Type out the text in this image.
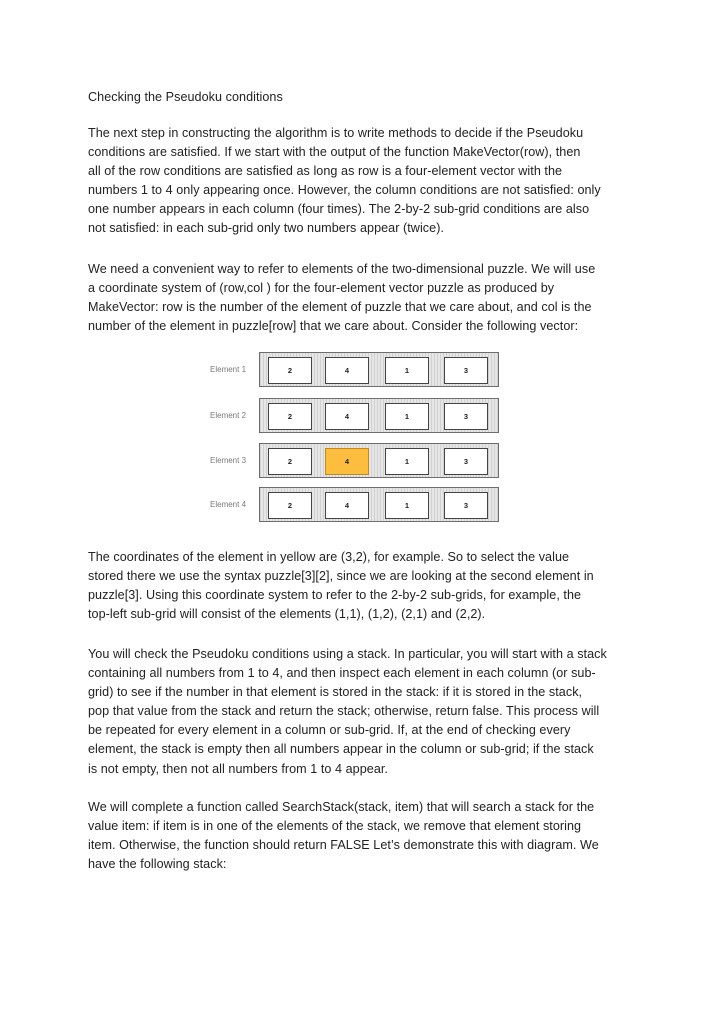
Checking the Pseudoku conditions

The next step in constructing the algorithm is to write methods to decide if the Pseudoku
conditions are satisfied. If we start with the output of the function MakeVector(row), then
all of the row conditions are satisfied as long as row is a four-element vector with the
numbers 1 to 4 only appearing once. However, the column conditions are not satisfied: only
one number appears in each column (four times). The 2-by-2 sub-grid conditions are also
not satisfied: in each sub-grid only two numbers appear (twice).

We need a convenient way to refer to elements of the two-dimensional puzzle. We will use
a coordinate system of (row,col ) for the four-element vector puzzle as produced by
MakeVector: row is the number of the element of puzzle that we care about, and col is the
number of the element in puzzle[row] that we care about. Consider the following vector:

Element 1	2	4	1	3
Element 2	2	4	1	3
Element 3	2	4	1	3
Element 4	2	4	1	3

The coordinates of the element in yellow are (3,2), for example. So to select the value
stored there we use the syntax puzzle[3][2], since we are looking at the second element in
puzzle[3]. Using this coordinate system to refer to the 2-by-2 sub-grids, for example, the
top-left sub-grid will consist of the elements (1,1), (1,2), (2,1) and (2,2).

You will check the Pseudoku conditions using a stack. In particular, you will start with a stack
containing all numbers from 1 to 4, and then inspect each element in each column (or sub-
grid) to see if the number in that element is stored in the stack: if it is stored in the stack,
pop that value from the stack and return the stack; otherwise, return false. This process will
be repeated for every element in a column or sub-grid. If, at the end of checking every
element, the stack is empty then all numbers appear in the column or sub-grid; if the stack
is not empty, then not all numbers from 1 to 4 appear.

We will complete a function called SearchStack(stack, item) that will search a stack for the
value item: if item is in one of the elements of the stack, we remove that element storing
item. Otherwise, the function should return FALSE Let’s demonstrate this with diagram. We
have the following stack:
